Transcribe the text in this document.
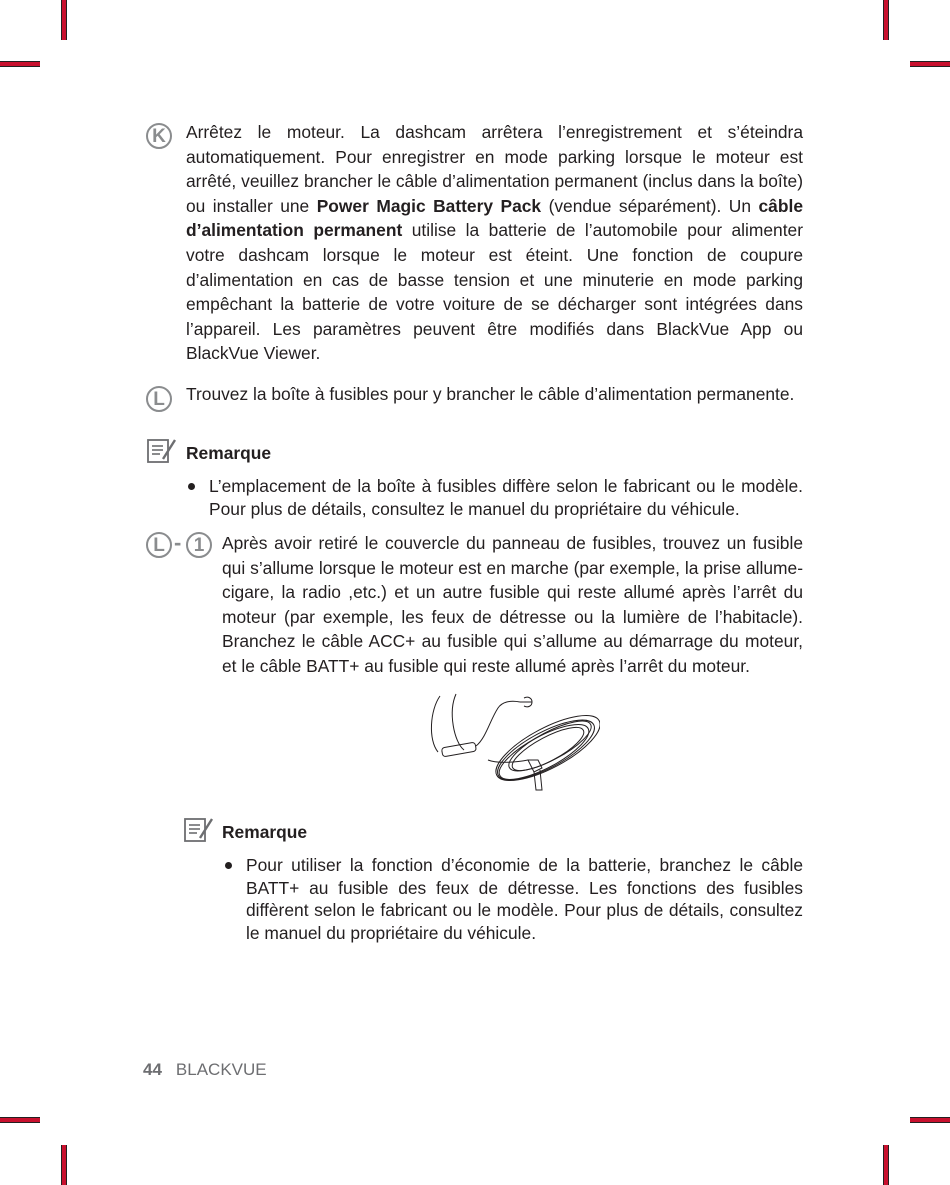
K	Arrêtez le moteur. La dashcam arrêtera l’enregistrement et s’éteindra automatiquement. Pour enregistrer en mode parking lorsque le moteur est arrêté, veuillez brancher le câble d’alimentation permanent (inclus dans la boîte) ou installer une Power Magic Battery Pack (vendue séparément). Un câble d’alimentation permanent utilise la batterie de l’automobile pour alimenter votre dashcam lorsque le moteur est éteint. Une fonction de coupure d’alimentation en cas de basse tension et une minuterie en mode parking empêchant la batterie de votre voiture de se décharger sont intégrées dans l’appareil. Les paramètres peuvent être modifiés dans BlackVue App ou BlackVue Viewer.
L	Trouvez la boîte à fusibles pour y brancher le câble d’alimentation permanente.
Remarque
L’emplacement de la boîte à fusibles diffère selon le fabricant ou le modèle. Pour plus de détails, consultez le manuel du propriétaire du véhicule.
L - 1	Après avoir retiré le couvercle du panneau de fusibles, trouvez un fusible qui s’allume lorsque le moteur est en marche (par exemple, la prise allume-cigare, la radio ,etc.) et un autre fusible qui reste allumé après l’arrêt du moteur (par exemple, les feux de détresse ou la lumière de l’habitacle). Branchez le câble ACC+ au fusible qui s’allume au démarrage du moteur, et le câble BATT+ au fusible qui reste allumé après l’arrêt du moteur.
Remarque
Pour utiliser la fonction d’économie de la batterie, branchez le câble BATT+ au fusible des feux de détresse. Les fonctions des fusibles diffèrent selon le fabricant ou le modèle. Pour plus de détails, consultez le manuel du propriétaire du véhicule.
44 BLACKVUE
